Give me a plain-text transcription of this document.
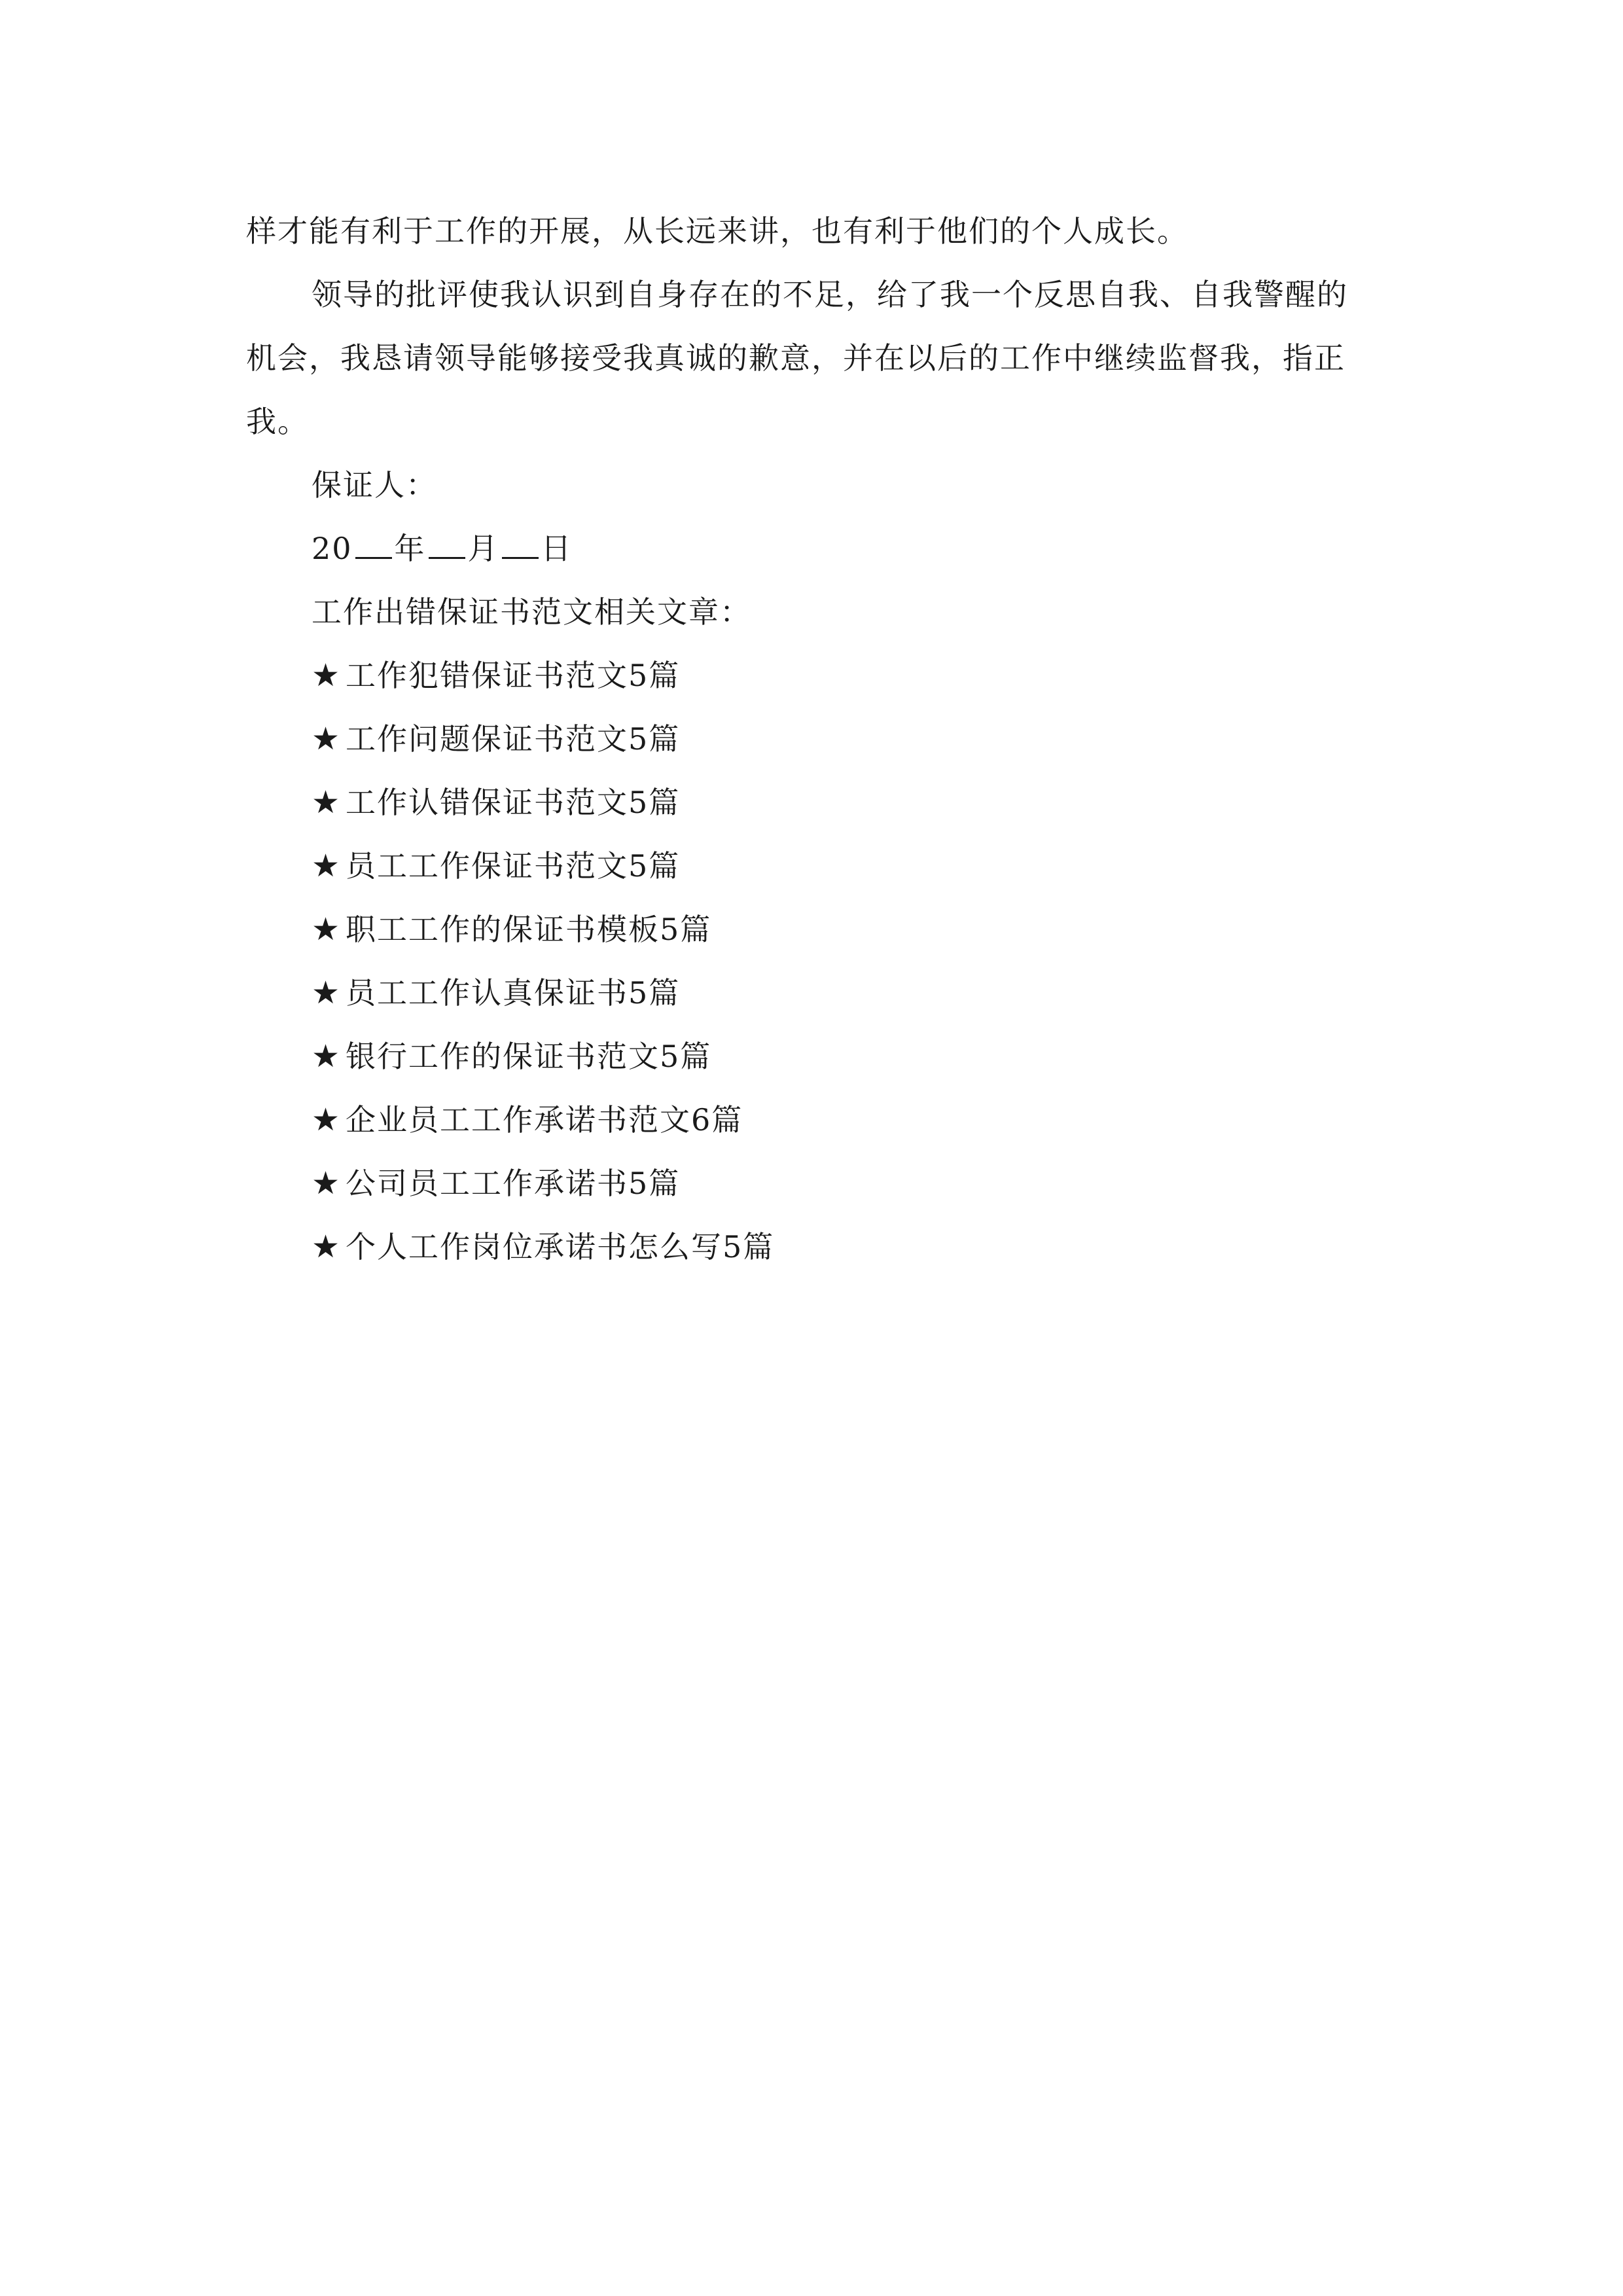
样才能有利于工作的开展，从长远来讲，也有利于他们的个人成长。

领导的批评使我认识到自身存在的不足，给了我一个反思自我、自我警醒的

机会，我恳请领导能够接受我真诚的歉意，并在以后的工作中继续监督我，指正

我。

保证人：

20 年 月 日

工作出错保证书范文相关文章：

★ 工作犯错保证书范文5篇

★ 工作问题保证书范文5篇

★ 工作认错保证书范文5篇

★ 员工工作保证书范文5篇

★ 职工工作的保证书模板5篇

★ 员工工作认真保证书5篇

★ 银行工作的保证书范文5篇

★ 企业员工工作承诺书范文6篇

★ 公司员工工作承诺书5篇

★ 个人工作岗位承诺书怎么写5篇
